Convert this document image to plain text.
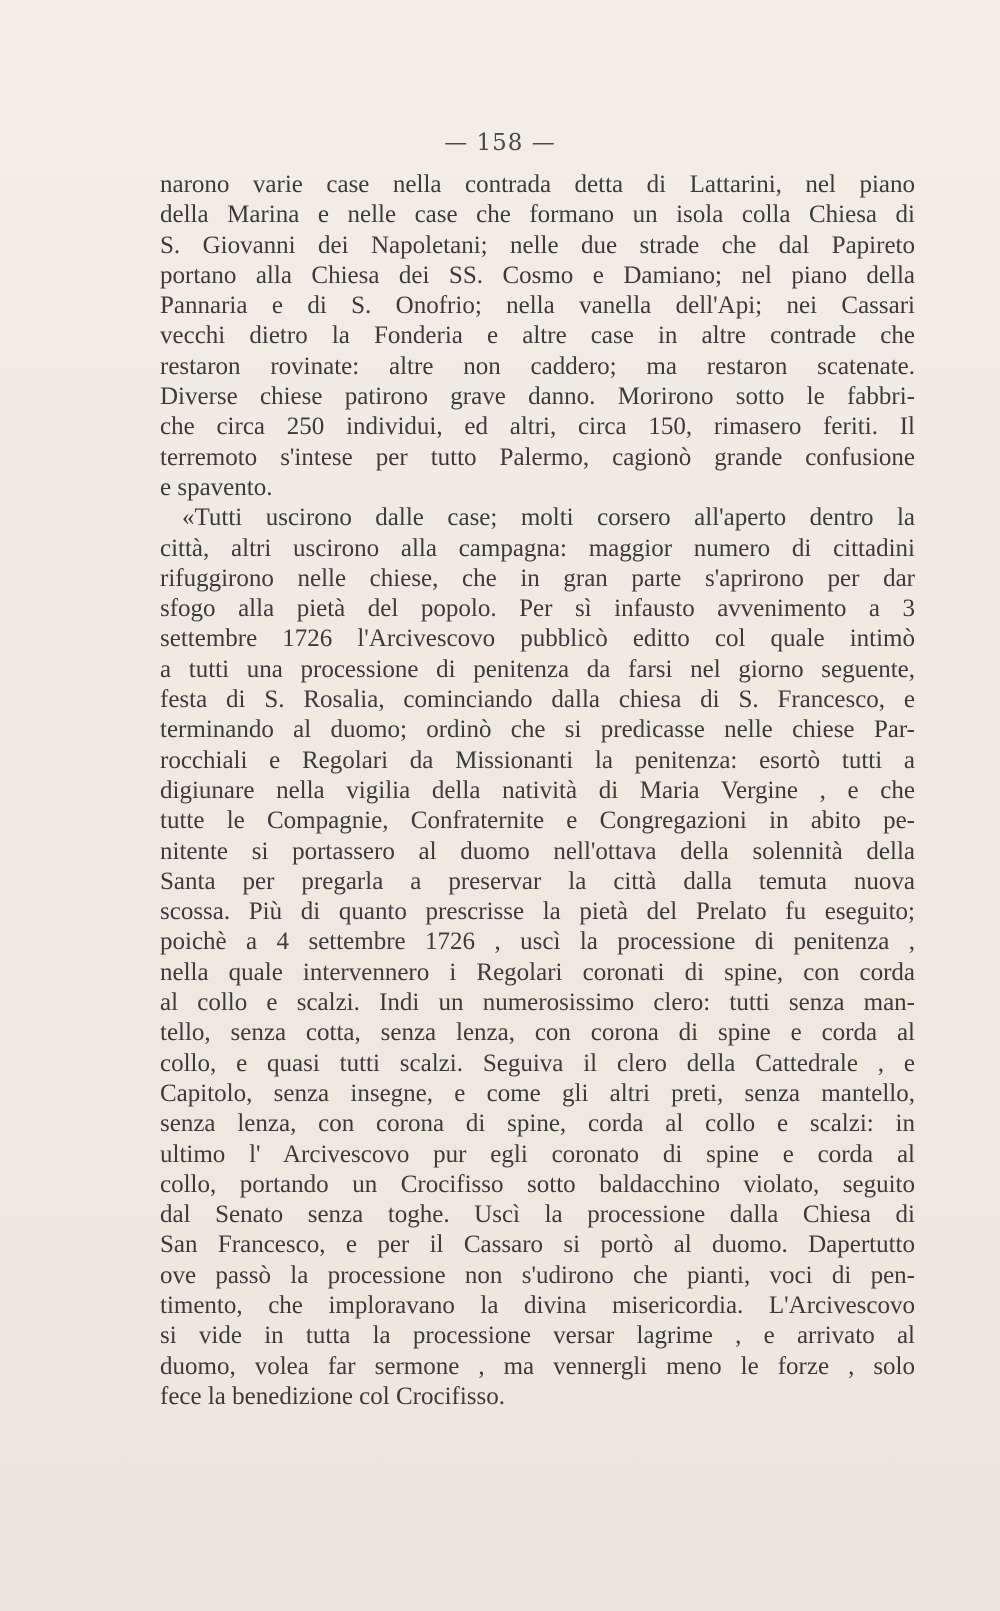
— 158 —
narono varie case nella contrada detta di Lattarini, nel piano
della Marina e nelle case che formano un isola colla Chiesa di
S. Giovanni dei Napoletani; nelle due strade che dal Papireto
portano alla Chiesa dei SS. Cosmo e Damiano; nel piano della
Pannaria e di S. Onofrio; nella vanella dell'Api; nei Cassari
vecchi dietro la Fonderia e altre case in altre contrade che
restaron rovinate: altre non caddero; ma restaron scatenate.
Diverse chiese patirono grave danno. Morirono sotto le fabbri-
che circa 250 individui, ed altri, circa 150, rimasero feriti. Il
terremoto s'intese per tutto Palermo, cagionò grande confusione
e spavento.
«Tutti uscirono dalle case; molti corsero all'aperto dentro la
città, altri uscirono alla campagna: maggior numero di cittadini
rifuggirono nelle chiese, che in gran parte s'aprirono per dar
sfogo alla pietà del popolo. Per sì infausto avvenimento a 3
settembre 1726 l'Arcivescovo pubblicò editto col quale intimò
a tutti una processione di penitenza da farsi nel giorno seguente,
festa di S. Rosalia, cominciando dalla chiesa di S. Francesco, e
terminando al duomo; ordinò che si predicasse nelle chiese Par-
rocchiali e Regolari da Missionanti la penitenza: esortò tutti a
digiunare nella vigilia della natività di Maria Vergine , e che
tutte le Compagnie, Confraternite e Congregazioni in abito pe-
nitente si portassero al duomo nell'ottava della solennità della
Santa per pregarla a preservar la città dalla temuta nuova
scossa. Più di quanto prescrisse la pietà del Prelato fu eseguito;
poichè a 4 settembre 1726 , uscì la processione di penitenza ,
nella quale intervennero i Regolari coronati di spine, con corda
al collo e scalzi. Indi un numerosissimo clero: tutti senza man-
tello, senza cotta, senza lenza, con corona di spine e corda al
collo, e quasi tutti scalzi. Seguiva il clero della Cattedrale , e
Capitolo, senza insegne, e come gli altri preti, senza mantello,
senza lenza, con corona di spine, corda al collo e scalzi: in
ultimo l' Arcivescovo pur egli coronato di spine e corda al
collo, portando un Crocifisso sotto baldacchino violato, seguito
dal Senato senza toghe. Uscì la processione dalla Chiesa di
San Francesco, e per il Cassaro si portò al duomo. Dapertutto
ove passò la processione non s'udirono che pianti, voci di pen-
timento, che imploravano la divina misericordia. L'Arcivescovo
si vide in tutta la processione versar lagrime , e arrivato al
duomo, volea far sermone , ma vennergli meno le forze , solo
fece la benedizione col Crocifisso.
